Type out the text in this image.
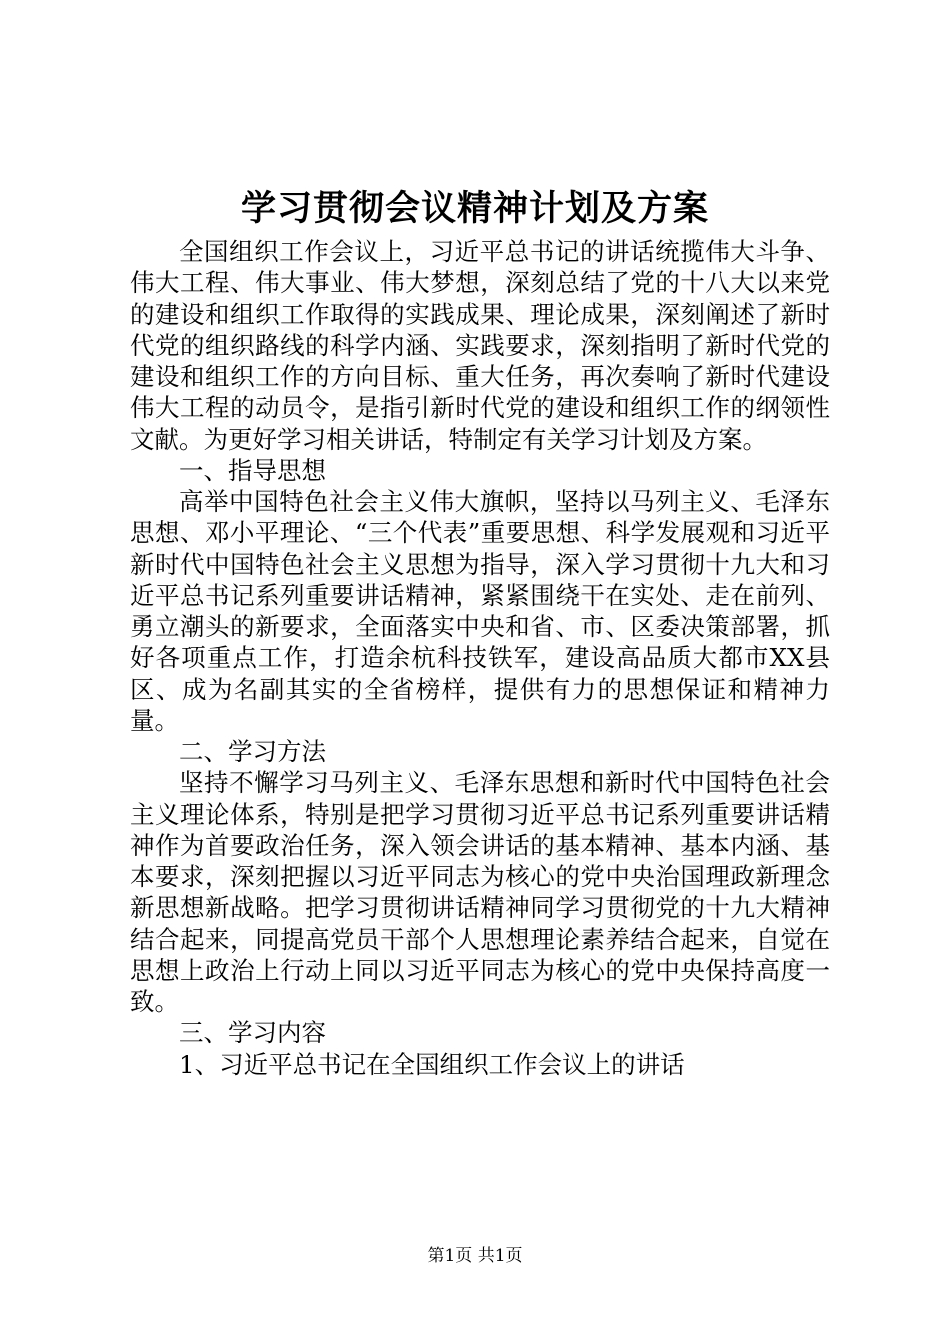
学习贯彻会议精神计划及方案

全国组织工作会议上，习近平总书记的讲话统揽伟大斗争、伟大工程、伟大事业、伟大梦想，深刻总结了党的十八大以来党的建设和组织工作取得的实践成果、理论成果，深刻阐述了新时代党的组织路线的科学内涵、实践要求，深刻指明了新时代党的建设和组织工作的方向目标、重大任务，再次奏响了新时代建设伟大工程的动员令，是指引新时代党的建设和组织工作的纲领性文献。为更好学习相关讲话，特制定有关学习计划及方案。

一、指导思想

高举中国特色社会主义伟大旗帜，坚持以马列主义、毛泽东思想、邓小平理论、“三个代表”重要思想、科学发展观和习近平新时代中国特色社会主义思想为指导，深入学习贯彻十九大和习近平总书记系列重要讲话精神，紧紧围绕干在实处、走在前列、勇立潮头的新要求，全面落实中央和省、市、区委决策部署，抓好各项重点工作，打造余杭科技铁军，建设高品质大都市XX县区、成为名副其实的全省榜样，提供有力的思想保证和精神力量。

二、学习方法

坚持不懈学习马列主义、毛泽东思想和新时代中国特色社会主义理论体系，特别是把学习贯彻习近平总书记系列重要讲话精神作为首要政治任务，深入领会讲话的基本精神、基本内涵、基本要求，深刻把握以习近平同志为核心的党中央治国理政新理念新思想新战略。把学习贯彻讲话精神同学习贯彻党的十九大精神结合起来，同提高党员干部个人思想理论素养结合起来，自觉在思想上政治上行动上同以习近平同志为核心的党中央保持高度一致。

三、学习内容

1、习近平总书记在全国组织工作会议上的讲话

第1页 共1页
